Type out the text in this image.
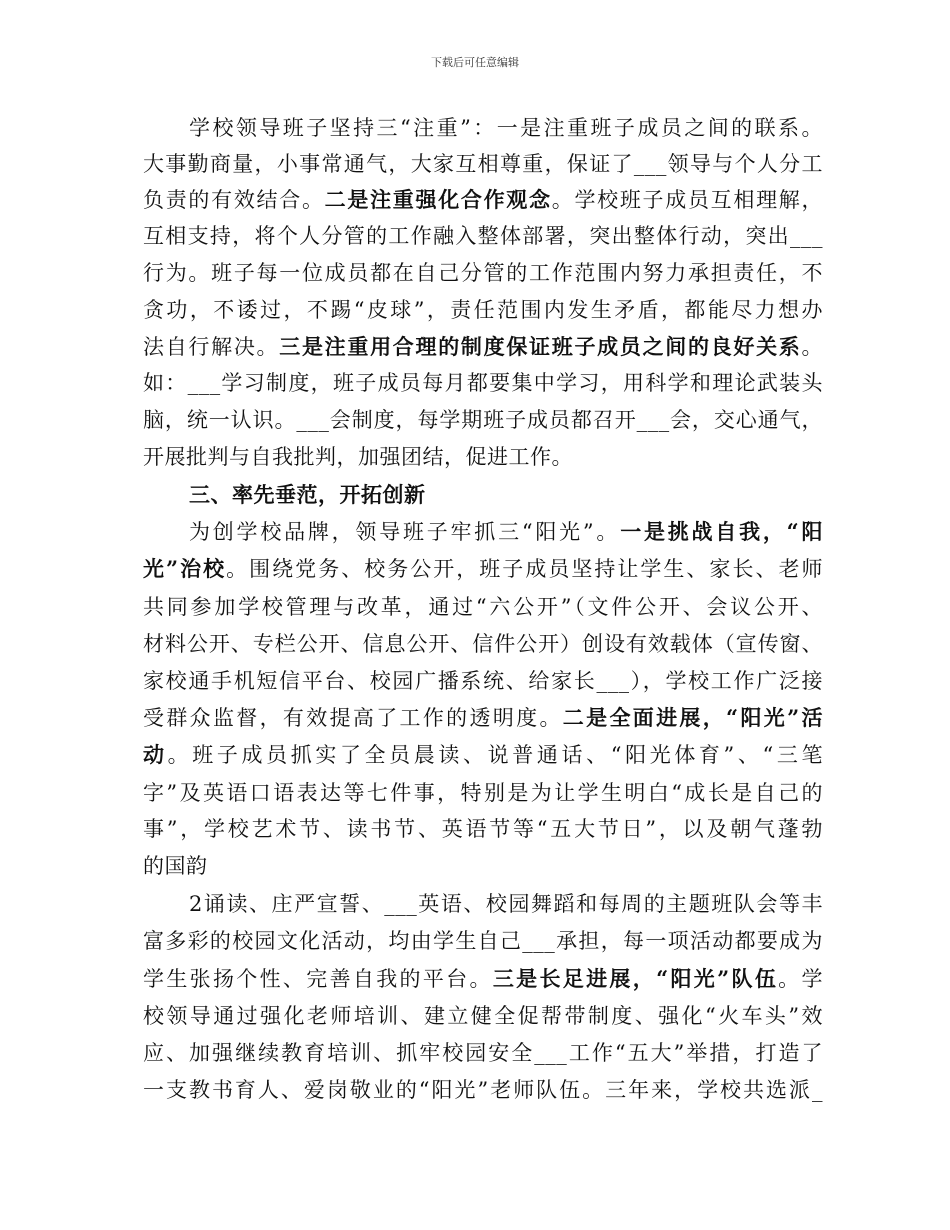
下载后可任意编辑
学校领导班子坚持三“注重”：一是注重班子成员之间的联系。
大事勤商量，小事常通气，大家互相尊重，保证了___领导与个人分工
负责的有效结合。二是注重强化合作观念。学校班子成员互相理解，
互相支持，将个人分管的工作融入整体部署，突出整体行动，突出___
行为。班子每一位成员都在自己分管的工作范围内努力承担责任，不
贪功，不诿过，不踢“皮球”，责任范围内发生矛盾，都能尽力想办
法自行解决。三是注重用合理的制度保证班子成员之间的良好关系。
如：___学习制度，班子成员每月都要集中学习，用科学和理论武装头
脑，统一认识。___会制度，每学期班子成员都召开___会，交心通气，
开展批判与自我批判，加强团结，促进工作。
三、率先垂范，开拓创新
为创学校品牌，领导班子牢抓三“阳光”。一是挑战自我，“阳
光”治校。围绕党务、校务公开，班子成员坚持让学生、家长、老师
共同参加学校管理与改革，通过“六公开”（文件公开、会议公开、
材料公开、专栏公开、信息公开、信件公开）创设有效载体（宣传窗、
家校通手机短信平台、校园广播系统、给家长___），学校工作广泛接
受群众监督，有效提高了工作的透明度。二是全面进展，“阳光”活
动。班子成员抓实了全员晨读、说普通话、“阳光体育”、“三笔
字”及英语口语表达等七件事，特别是为让学生明白“成长是自己的
事”，学校艺术节、读书节、英语节等“五大节日”，以及朝气蓬勃
的国韵
2诵读、庄严宣誓、___英语、校园舞蹈和每周的主题班队会等丰
富多彩的校园文化活动，均由学生自己___承担，每一项活动都要成为
学生张扬个性、完善自我的平台。三是长足进展，“阳光”队伍。学
校领导通过强化老师培训、建立健全促帮带制度、强化“火车头”效
应、加强继续教育培训、抓牢校园安全___工作“五大”举措，打造了
一支教书育人、爱岗敬业的“阳光”老师队伍。三年来，学校共选派_
